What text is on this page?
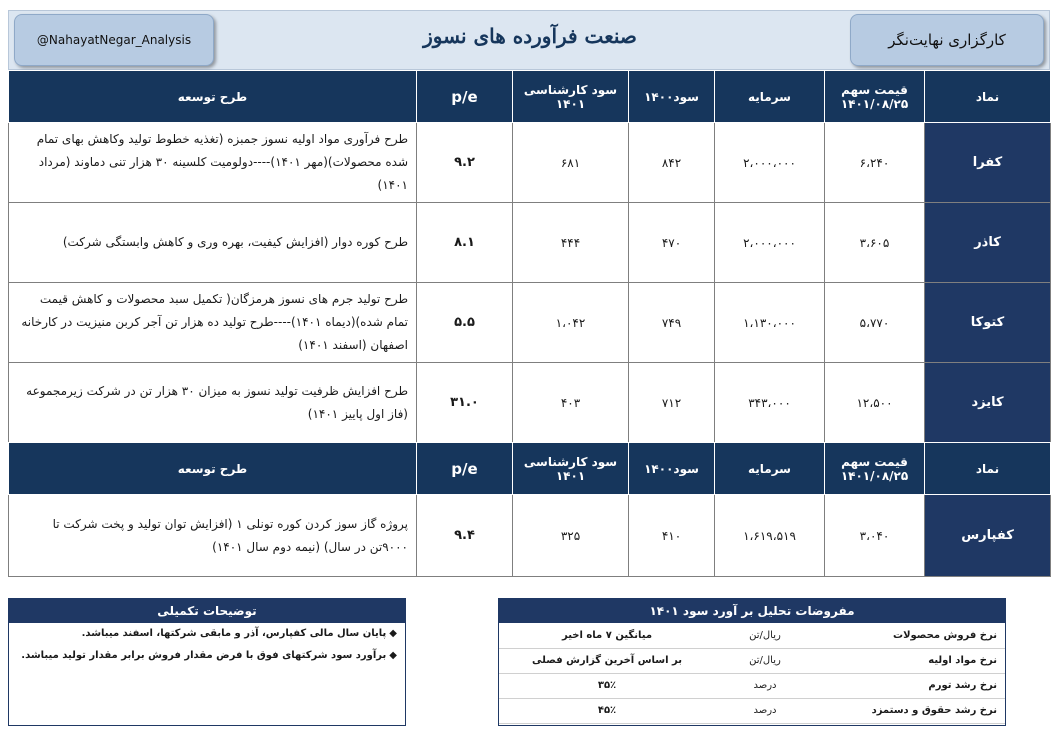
@NahayatNegar_Analysis	صنعت فرآورده های نسوز	کارگزاری نهایت‌نگر
نماد	قیمت سهم ۱۴۰۱/۰۸/۲۵	سرمایه	سود۱۴۰۰	سود کارشناسی ۱۴۰۱	p/e	طرح توسعه
کفرا	۶،۲۴۰	۲،۰۰۰،۰۰۰	۸۴۲	۶۸۱	۹.۲	طرح فرآوری مواد اولیه نسوز جمبزه (تغذیه خطوط تولید وکاهش بهای تمام شده محصولات)(مهر ۱۴۰۱)----دولومیت کلسینه ۳۰ هزار تنی دماوند (مرداد ۱۴۰۱)
کاذر	۳،۶۰۵	۲،۰۰۰،۰۰۰	۴۷۰	۴۴۴	۸.۱	طرح کوره دوار (افزایش کیفیت، بهره وری و کاهش وابستگی شرکت)
کتوکا	۵،۷۷۰	۱،۱۳۰،۰۰۰	۷۴۹	۱،۰۴۲	۵.۵	طرح تولید جرم های نسوز هرمزگان( تکمیل سبد محصولات و کاهش قیمت تمام شده)(دیماه ۱۴۰۱)----طرح تولید ده هزار تن آجر کربن منیزیت در کارخانه اصفهان (اسفند ۱۴۰۱)
کایزد	۱۲،۵۰۰	۳۴۳،۰۰۰	۷۱۲	۴۰۳	۳۱.۰	طرح افزایش ظرفیت تولید نسوز به میزان ۳۰ هزار تن در شرکت زیرمجموعه (فاز اول پاییز ۱۴۰۱)
نماد	قیمت سهم ۱۴۰۱/۰۸/۲۵	سرمایه	سود۱۴۰۰	سود کارشناسی ۱۴۰۱	p/e	طرح توسعه
کفپارس	۳،۰۴۰	۱،۶۱۹،۵۱۹	۴۱۰	۳۲۵	۹.۴	پروژه گاز سوز کردن کوره تونلی ۱ (افزایش توان تولید و پخت شرکت تا ۹۰۰۰تن در سال) (نیمه دوم سال ۱۴۰۱)
توضیحات تکمیلی
◆پایان سال مالی کفپارس، آذر و مابقی شرکتها، اسفند میباشد.
◆برآورد سود شرکتهای فوق با فرض مقدار فروش برابر مقدار تولید میباشد.
مفروضات تحلیل بر آورد سود ۱۴۰۱
نرخ فروش محصولات	ریال/تن	میانگین ۷ ماه اخیر
نرخ مواد اولیه	ریال/تن	بر اساس آخرین گزارش فصلی
نرخ رشد تورم	درصد	۳۵٪
نرخ رشد حقوق و دستمزد	درصد	۴۵٪
